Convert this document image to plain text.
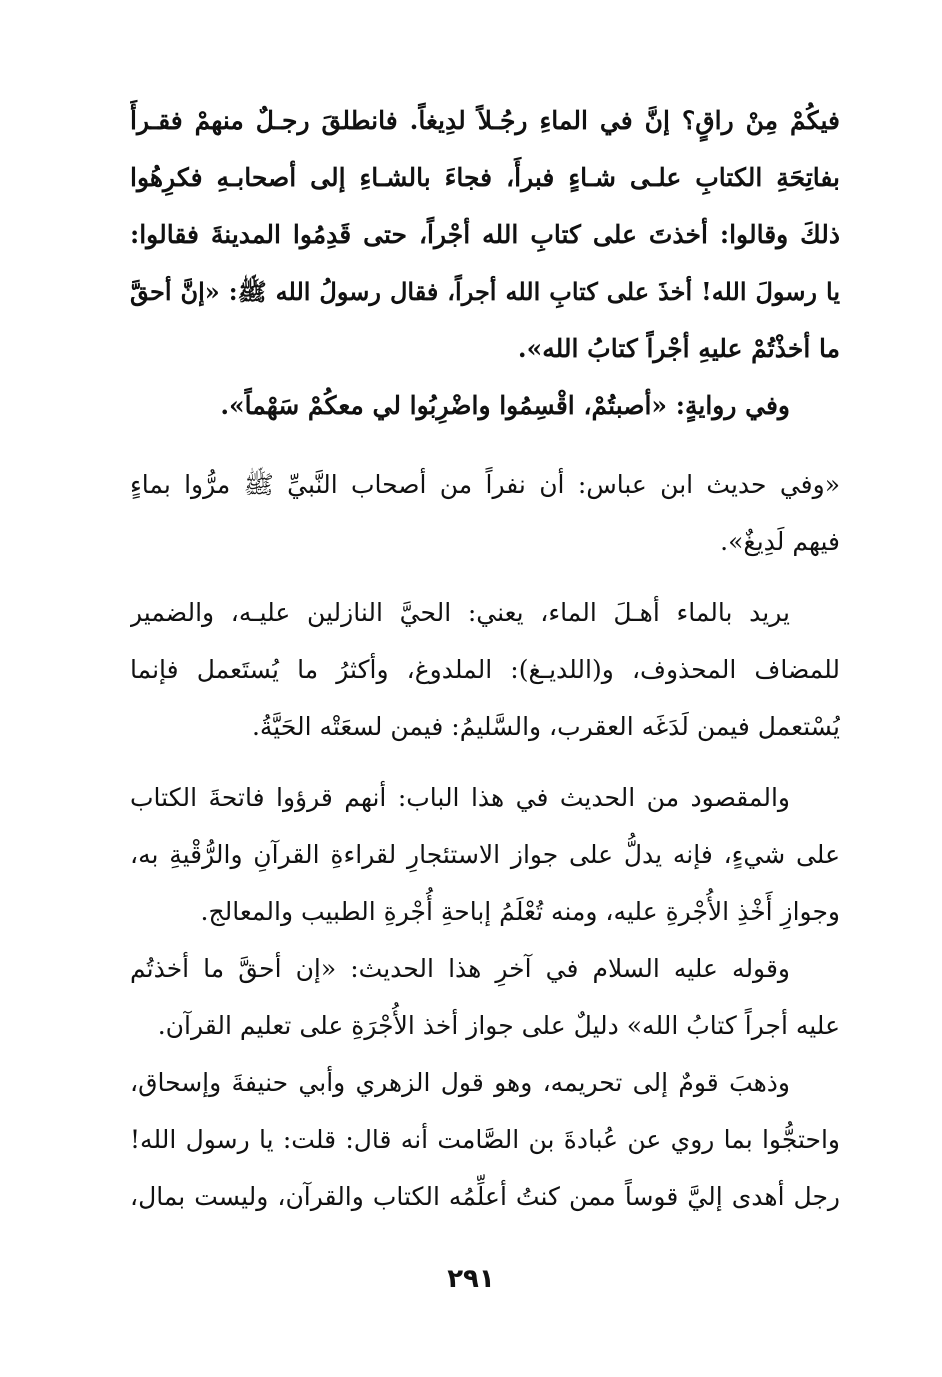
فيكُمْ مِنْ راقٍ؟ إنَّ في الماءِ رجُـلاً لدِيغاً. فانطلقَ رجـلٌ منهمْ فقـرأَ
بفاتِحَةِ الكتابِ علـى شـاءٍ فبرأَ، فجاءَ بالشـاءِ إلى أصحابـهِ فكرِهُوا
ذلكَ وقالوا: أخذتَ على كتابِ الله أجْراً، حتى قَدِمُوا المدينةَ فقالوا:
يا رسولَ الله! أخذَ على كتابِ الله أجراً، فقال رسولُ الله ﷺ: «إنَّ أحقَّ
ما أخذْتُمْ عليهِ أجْراً كتابُ الله».
وفي روايةٍ: «أصبتُمْ، اقْسِمُوا واضْرِبُوا لي معكُمْ سَهْماً».
«وفي حديث ابن عباس: أن نفراً من أصحاب النَّبيِّ ﷺ مرُّوا بماءٍ
فيهم لَدِيغٌ».
يريد بالماء أهـلَ الماء، يعني: الحيَّ النازلين عليـه، والضمير
للمضاف المحذوف، و(اللديـغ): الملدوغ، وأكثرُ ما يُستَعمل فإنما
يُسْتعمل فيمن لَدَغَه العقرب، والسَّليمُ: فيمن لسعَتْه الحَيَّةُ.
والمقصود من الحديث في هذا الباب: أنهم قرؤوا فاتحةَ الكتاب
على شيءٍ، فإنه يدلُّ على جواز الاستئجارِ لقراءةِ القرآنِ والرُّقْيةِ به،
وجوازِ أَخْذِ الأُجْرةِ عليه، ومنه تُعْلَمُ إباحةِ أُجْرةِ الطبيب والمعالج.
وقوله عليه السلام في آخرِ هذا الحديث: «إن أحقَّ ما أخذتُم
عليه أجراً كتابُ الله» دليلٌ على جواز أخذ الأُجْرَةِ على تعليم القرآن.
وذهبَ قومٌ إلى تحريمه، وهو قول الزهري وأبي حنيفةَ وإسحاق،
واحتجُّوا بما روي عن عُبادةَ بن الصَّامت أنه قال: قلت: يا رسول الله!
رجل أهدى إليَّ قوساً ممن كنتُ أعلِّمُه الكتاب والقرآن، وليست بمال،
٢٩١
